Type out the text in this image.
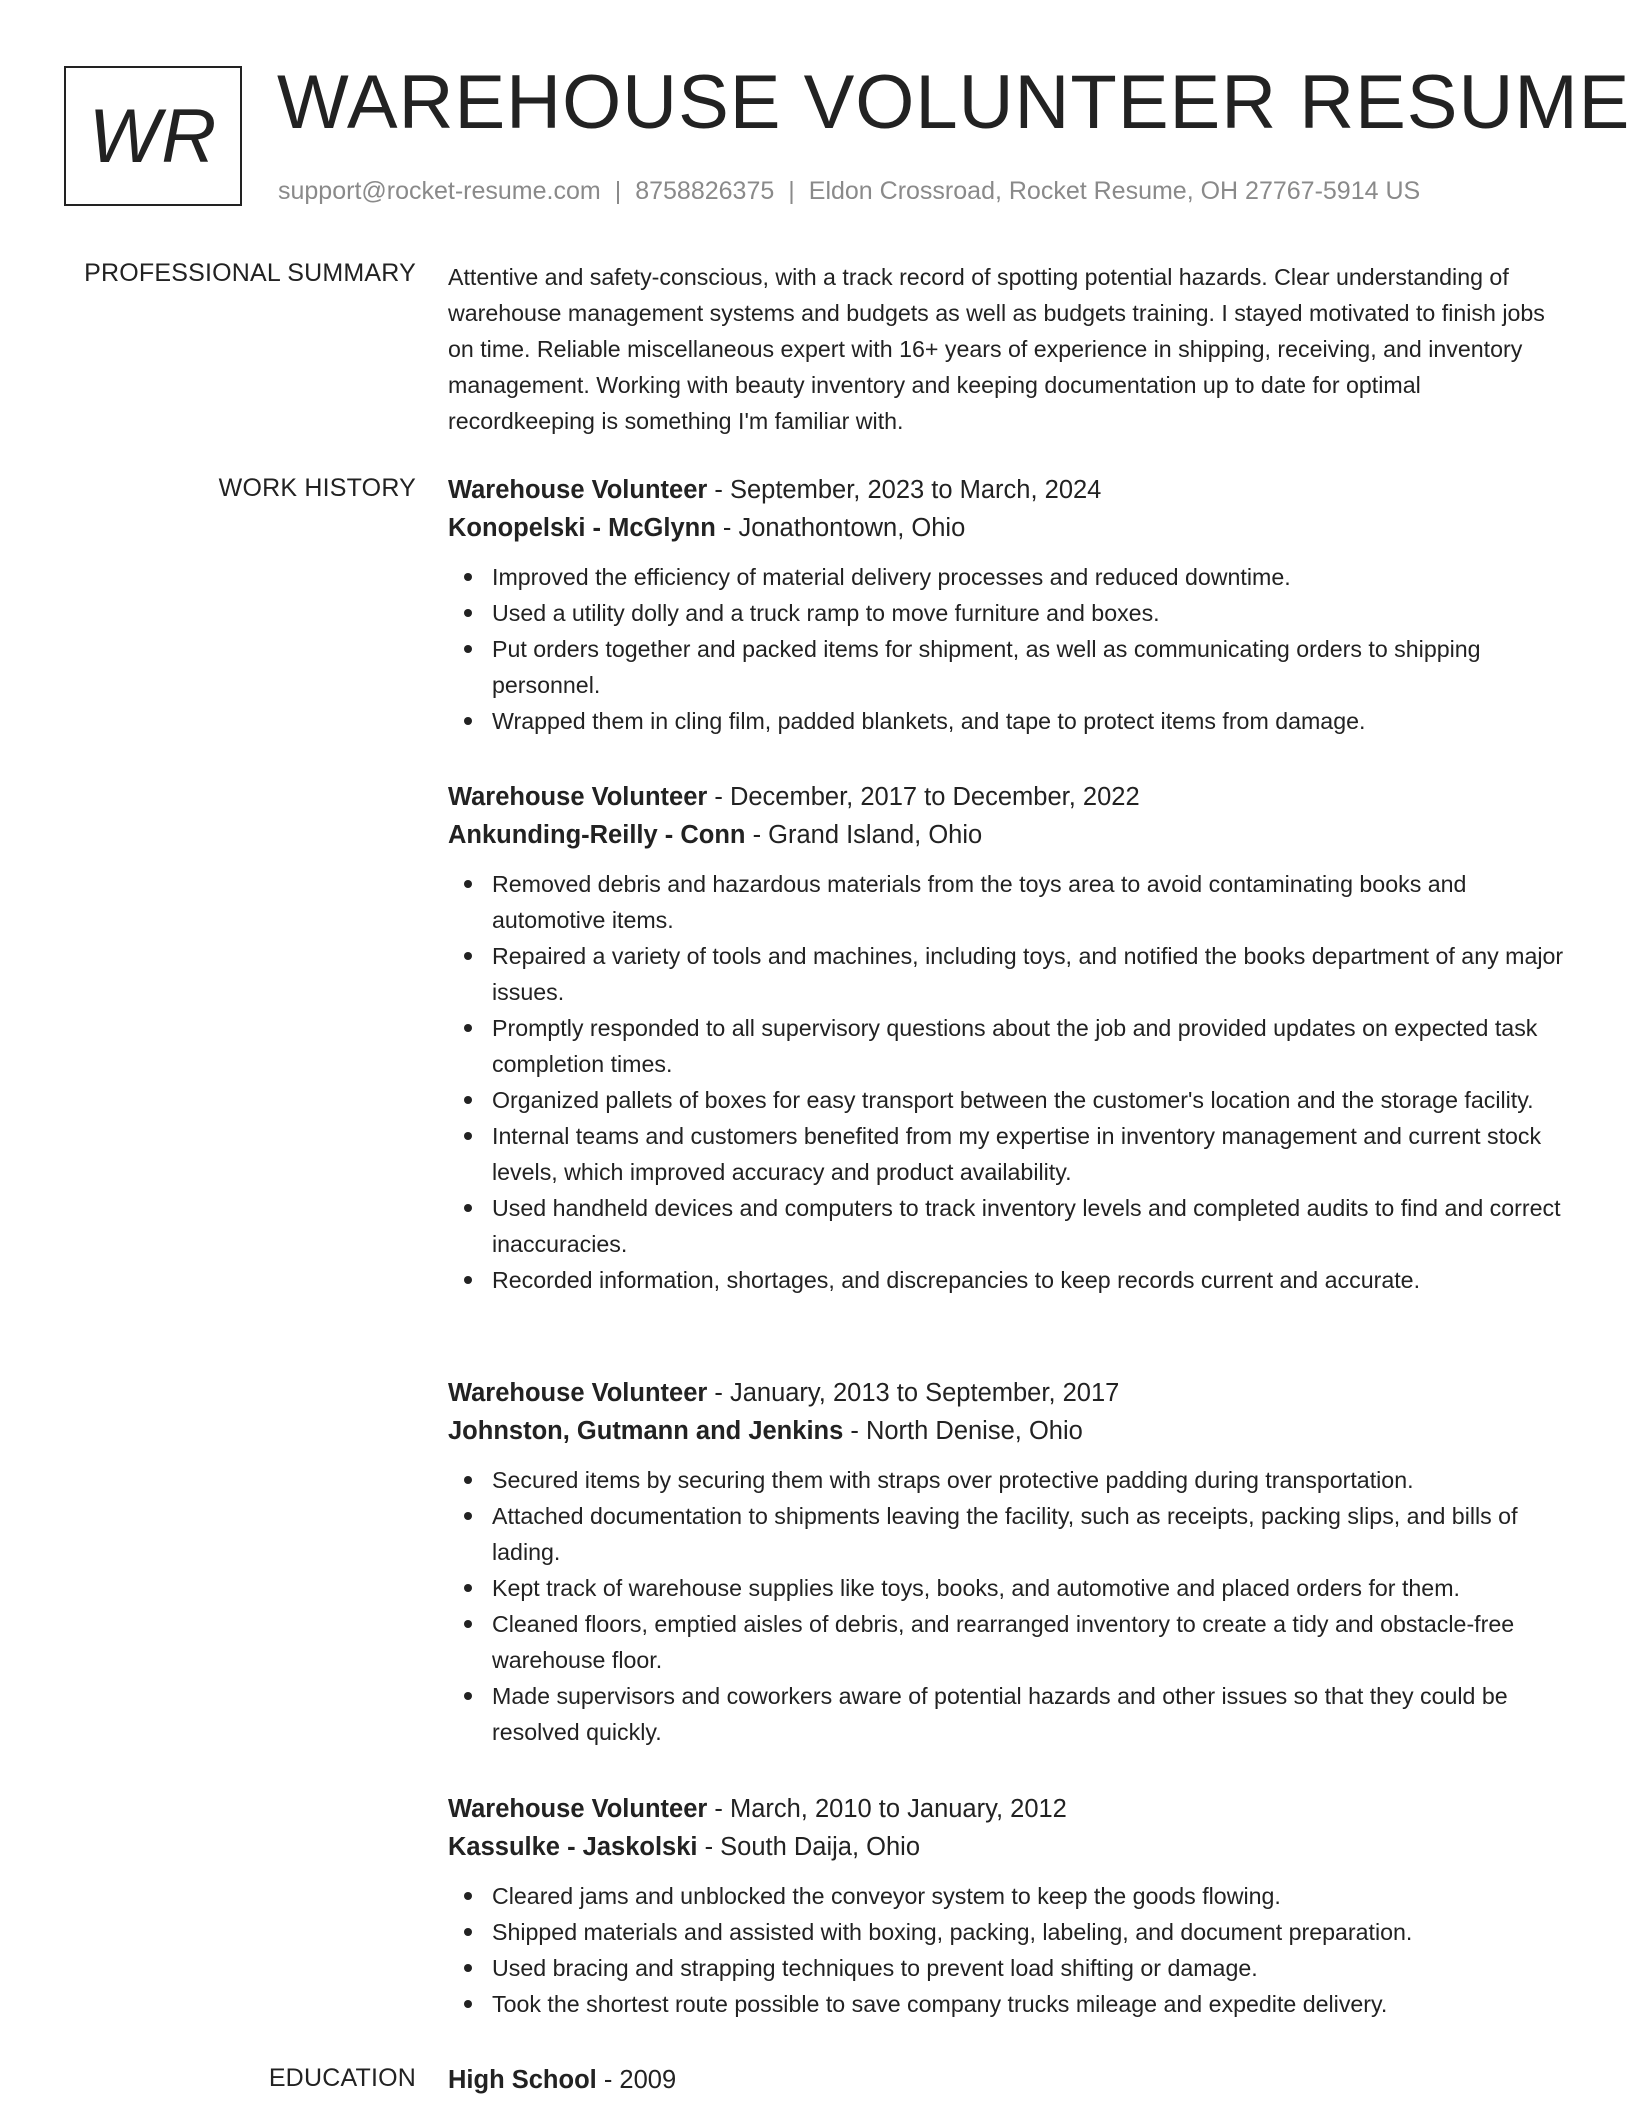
WR WAREHOUSE VOLUNTEER RESUME
support@rocket-resume.com | 8758826375 | Eldon Crossroad, Rocket Resume, OH 27767-5914 US
PROFESSIONAL SUMMARY Attentive and safety-conscious, with a track record of spotting potential hazards. Clear understanding of warehouse management systems and budgets as well as budgets training. I stayed motivated to finish jobs on time. Reliable miscellaneous expert with 16+ years of experience in shipping, receiving, and inventory management. Working with beauty inventory and keeping documentation up to date for optimal recordkeeping is something I'm familiar with.
WORK HISTORY Warehouse Volunteer - September, 2023 to March, 2024
Konopelski - McGlynn - Jonathontown, Ohio
Improved the efficiency of material delivery processes and reduced downtime.
Used a utility dolly and a truck ramp to move furniture and boxes.
Put orders together and packed items for shipment, as well as communicating orders to shipping personnel.
Wrapped them in cling film, padded blankets, and tape to protect items from damage.
Warehouse Volunteer - December, 2017 to December, 2022
Ankunding-Reilly - Conn - Grand Island, Ohio
Removed debris and hazardous materials from the toys area to avoid contaminating books and automotive items.
Repaired a variety of tools and machines, including toys, and notified the books department of any major issues.
Promptly responded to all supervisory questions about the job and provided updates on expected task completion times.
Organized pallets of boxes for easy transport between the customer's location and the storage facility.
Internal teams and customers benefited from my expertise in inventory management and current stock levels, which improved accuracy and product availability.
Used handheld devices and computers to track inventory levels and completed audits to find and correct inaccuracies.
Recorded information, shortages, and discrepancies to keep records current and accurate.
Warehouse Volunteer - January, 2013 to September, 2017
Johnston, Gutmann and Jenkins - North Denise, Ohio
Secured items by securing them with straps over protective padding during transportation.
Attached documentation to shipments leaving the facility, such as receipts, packing slips, and bills of lading.
Kept track of warehouse supplies like toys, books, and automotive and placed orders for them.
Cleaned floors, emptied aisles of debris, and rearranged inventory to create a tidy and obstacle-free warehouse floor.
Made supervisors and coworkers aware of potential hazards and other issues so that they could be resolved quickly.
Warehouse Volunteer - March, 2010 to January, 2012
Kassulke - Jaskolski - South Daija, Ohio
Cleared jams and unblocked the conveyor system to keep the goods flowing.
Shipped materials and assisted with boxing, packing, labeling, and document preparation.
Used bracing and strapping techniques to prevent load shifting or damage.
Took the shortest route possible to save company trucks mileage and expedite delivery.
EDUCATION High School - 2009
